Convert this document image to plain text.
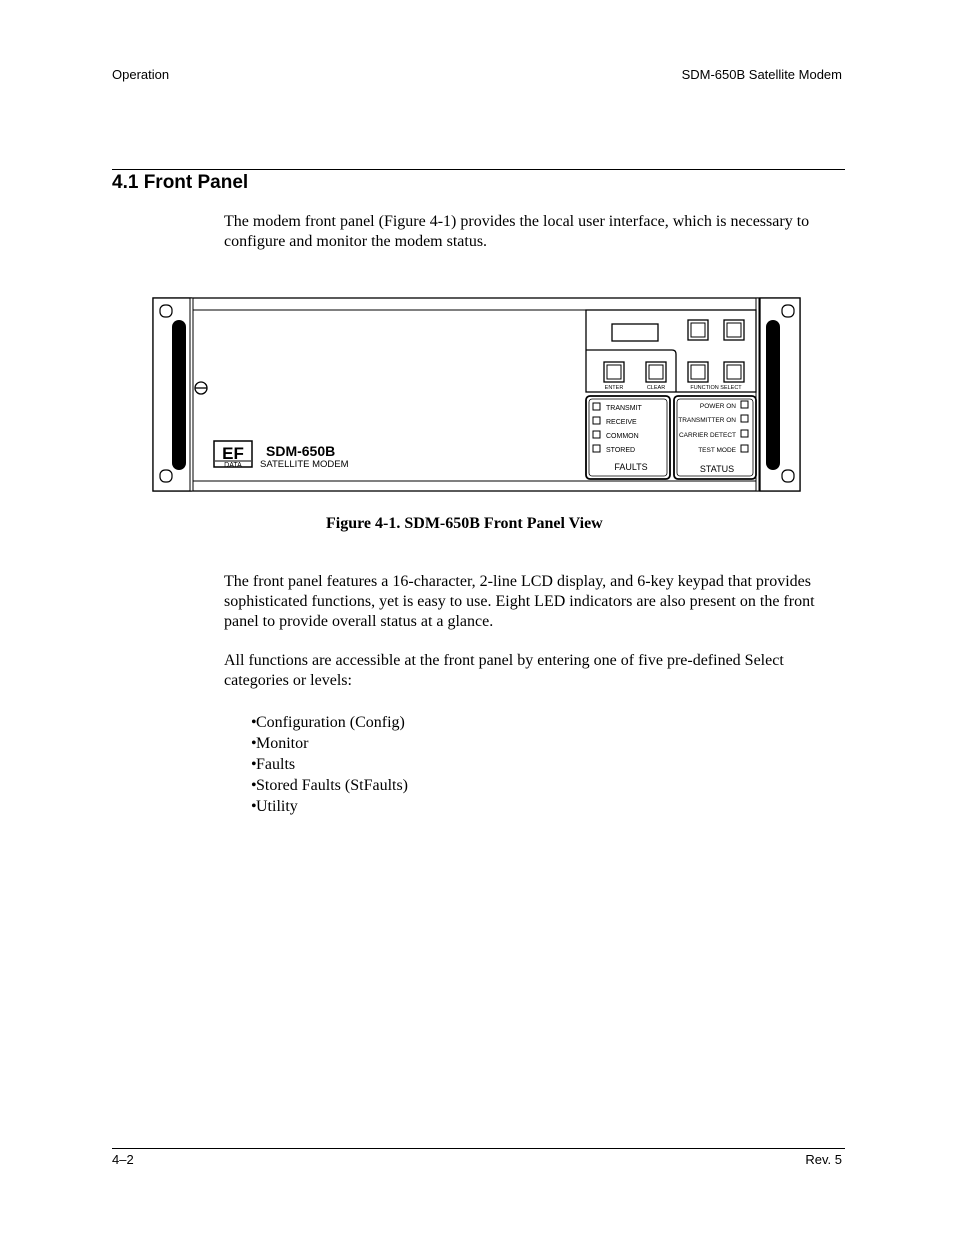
Operation	SDM-650B Satellite Modem
4.1 Front Panel
The modem front panel (Figure 4-1) provides the local user interface, which is necessary to configure and monitor the modem status.
EF
DATA
SDM-650B
SATELLITE MODEM
ENTER	CLEAR	FUNCTION SELECT
TRANSMIT
RECEIVE
COMMON
STORED
FAULTS
POWER ON
TRANSMITTER ON
CARRIER DETECT
TEST MODE
STATUS
Figure 4-1. SDM-650B Front Panel View
The front panel features a 16-character, 2-line LCD display, and 6-key keypad that provides sophisticated functions, yet is easy to use. Eight LED indicators are also present on the front panel to provide overall status at a glance.
All functions are accessible at the front panel by entering one of five pre-defined Select categories or levels:
•Configuration (Config)
•Monitor
•Faults
•Stored Faults (StFaults)
•Utility
4–2	Rev. 5
